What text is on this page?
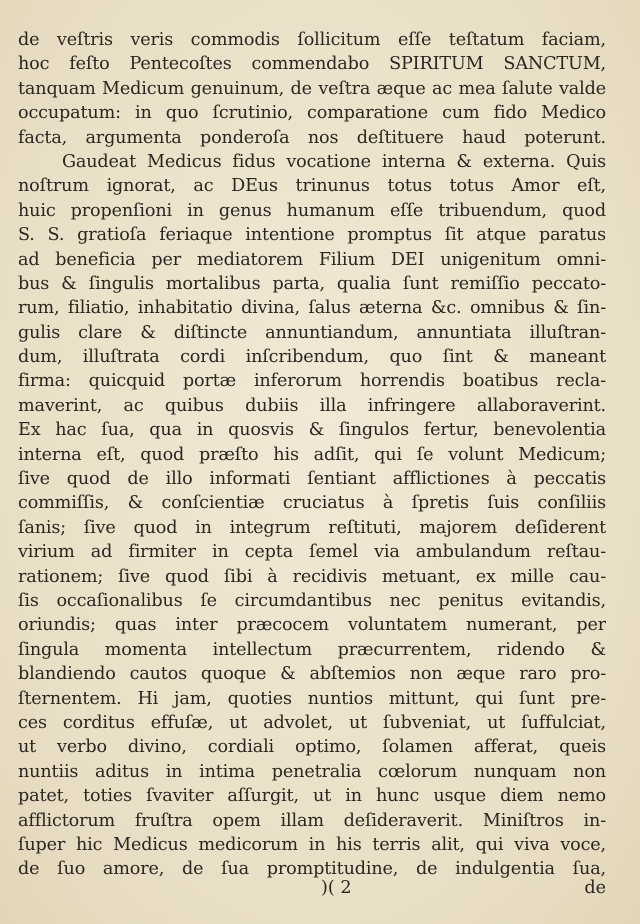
de veſtris veris commodis ſollicitum eſſe teſtatum faciam,
hoc feſto Pentecoſtes commendabo SPIRITUM SANCTUM,
tanquam Medicum genuinum, de veſtra æque ac mea ſalute valde
occupatum: in quo ſcrutinio, comparatione cum fido Medico
facta, argumenta ponderoſa nos deſtituere haud poterunt.
Gaudeat Medicus fidus vocatione interna & externa. Quis
noſtrum ignorat, ac DEus trinunus totus totus Amor eſt,
huic propenſioni in genus humanum eſſe tribuendum, quod
S. S. gratioſa feriaque intentione promptus ſit atque paratus
ad beneficia per mediatorem Filium DEI unigenitum omni-
bus & ſingulis mortalibus parta, qualia ſunt remiſſio peccato-
rum, filiatio, inhabitatio divina, ſalus æterna &c. omnibus & ſin-
gulis clare & diſtincte annuntiandum, annuntiata illuſtran-
dum, illuſtrata cordi inſcribendum, quo ſint & maneant
firma: quicquid portæ inferorum horrendis boatibus recla-
maverint, ac quibus dubiis illa infringere allaboraverint.
Ex hac ſua, qua in quosvis & ſingulos fertur, benevolentia
interna eſt, quod præſto his adſit, qui ſe volunt Medicum;
ſive quod de illo informati ſentiant afflictiones à peccatis
commiſſis, & conſcientiæ cruciatus à ſpretis ſuis conſiliis
ſanis; ſive quod in integrum reſtituti, majorem deſiderent
virium ad firmiter in cepta ſemel via ambulandum reſtau-
rationem; ſive quod ſibi à recidivis metuant, ex mille cau-
ſis occaſionalibus ſe circumdantibus nec penitus evitandis,
oriundis; quas inter præcocem voluntatem numerant, per
ſingula momenta intellectum præcurrentem, ridendo &
blandiendo cautos quoque & abſtemios non æque raro pro-
ſternentem. Hi jam, quoties nuntios mittunt, qui ſunt pre-
ces corditus effuſæ, ut advolet, ut ſubveniat, ut ſuffulciat,
ut verbo divino, cordiali optimo, ſolamen afferat, queis
nuntiis aditus in intima penetralia cœlorum nunquam non
patet, toties ſvaviter aſſurgit, ut in hunc usque diem nemo
afflictorum fruſtra opem illam deſideraverit. Miniſtros in-
ſuper hic Medicus medicorum in his terris alit, qui viva voce,
de ſuo amore, de ſua promptitudine, de indulgentia ſua,
)( 2	de
